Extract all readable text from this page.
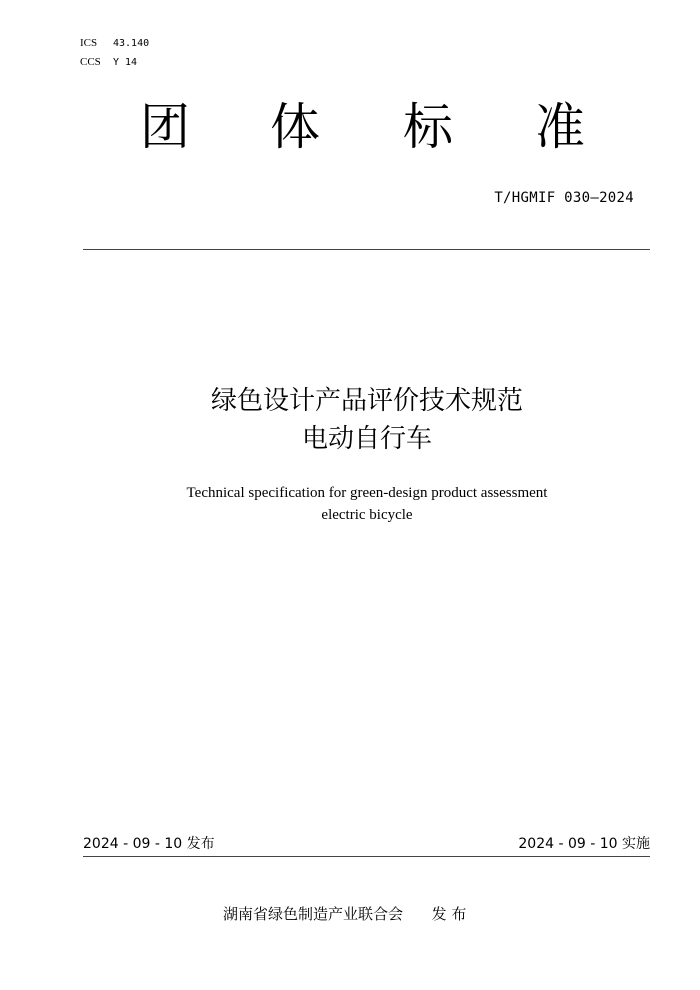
ICS 43.140
CCS Y 14
团 体 标 准
T/HGMIF 030—2024
绿色设计产品评价技术规范
电动自行车
Technical specification for green-design product assessment
electric bicycle
2024 - 09 - 10 发布	2024 - 09 - 10 实施
湖南省绿色制造产业联合会 发 布
